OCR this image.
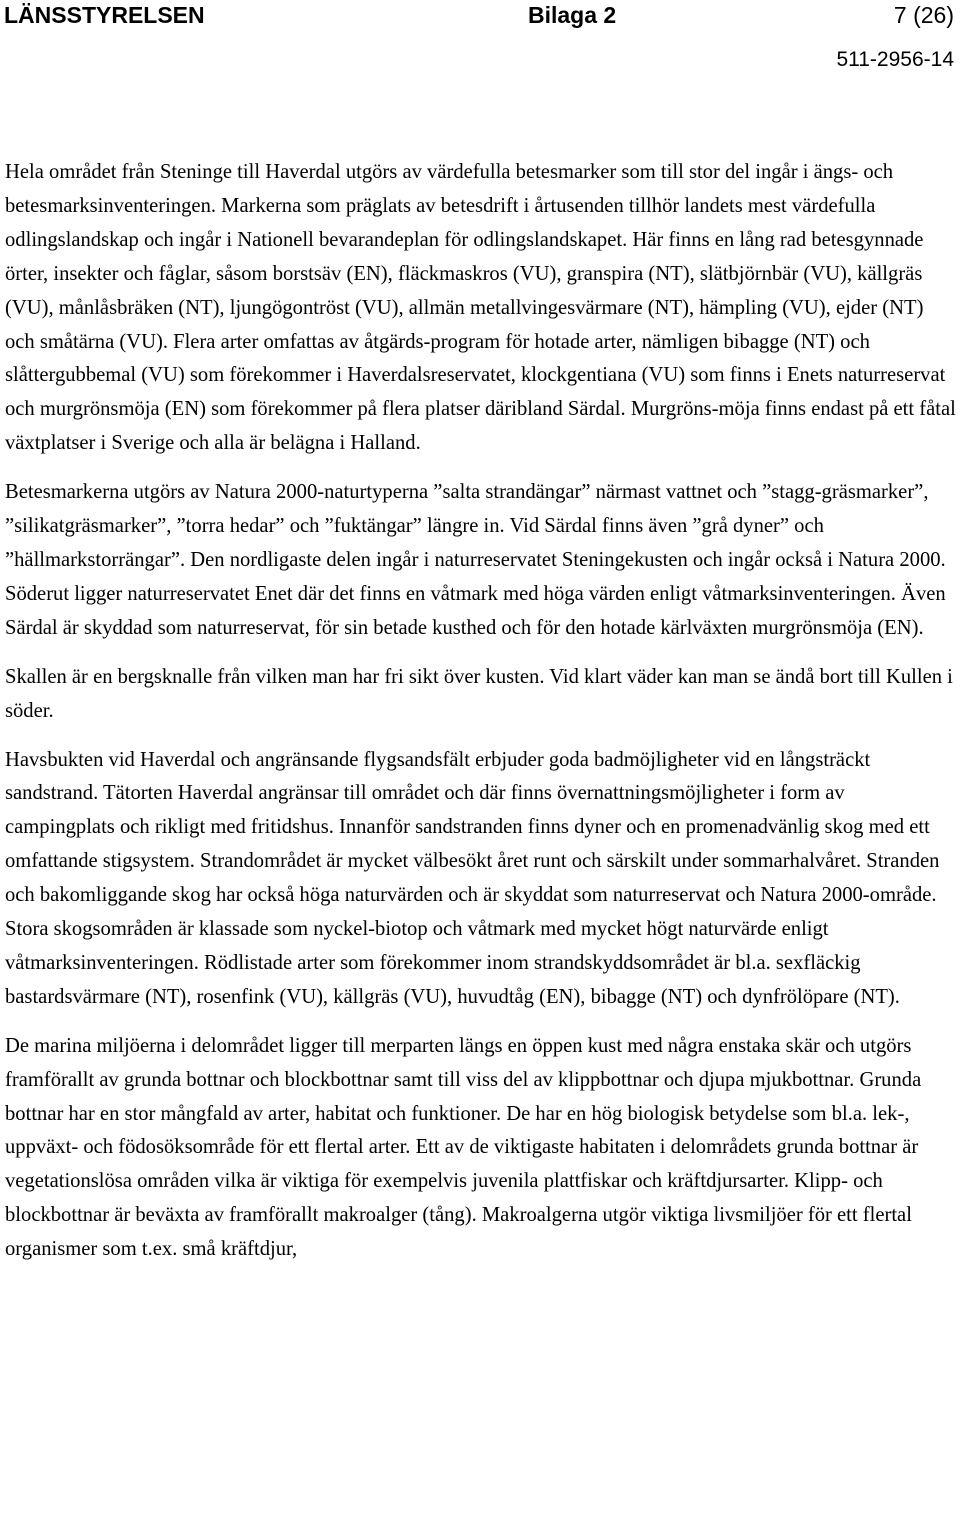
LÄNSSTYRELSEN	Bilaga 2	7 (26)
511-2956-14

Hela området från Steninge till Haverdal utgörs av värdefulla betesmarker som till stor del ingår i ängs- och betesmarksinventeringen. Markerna som präglats av betesdrift i årtusenden tillhör landets mest värdefulla odlingslandskap och ingår i Nationell bevarandeplan för odlingslandskapet. Här finns en lång rad betesgynnade örter, insekter och fåglar, såsom borstsäv (EN), fläckmaskros (VU), granspira (NT), slätbjörnbär (VU), källgräs (VU), månlåsbräken (NT), ljungögontröst (VU), allmän metallvingesvärmare (NT), hämpling (VU), ejder (NT) och småtärna (VU). Flera arter omfattas av åtgärds-program för hotade arter, nämligen bibagge (NT) och slåttergubbemal (VU) som förekommer i Haverdalsreservatet, klockgentiana (VU) som finns i Enets naturreservat och murgrönsmöja (EN) som förekommer på flera platser däribland Särdal. Murgröns-möja finns endast på ett fåtal växtplatser i Sverige och alla är belägna i Halland.

Betesmarkerna utgörs av Natura 2000-naturtyperna ”salta strandängar” närmast vattnet och ”stagg-gräsmarker”, ”silikatgräsmarker”, ”torra hedar” och ”fuktängar” längre in. Vid Särdal finns även ”grå dyner” och ”hällmarkstorrängar”. Den nordligaste delen ingår i naturreservatet Steningekusten och ingår också i Natura 2000. Söderut ligger naturreservatet Enet där det finns en våtmark med höga värden enligt våtmarksinventeringen. Även Särdal är skyddad som naturreservat, för sin betade kusthed och för den hotade kärlväxten murgrönsmöja (EN).

Skallen är en bergsknalle från vilken man har fri sikt över kusten. Vid klart väder kan man se ändå bort till Kullen i söder.

Havsbukten vid Haverdal och angränsande flygsandsfält erbjuder goda badmöjligheter vid en långsträckt sandstrand. Tätorten Haverdal angränsar till området och där finns övernattningsmöjligheter i form av campingplats och rikligt med fritidshus. Innanför sandstranden finns dyner och en promenadvänlig skog med ett omfattande stigsystem. Strandområdet är mycket välbesökt året runt och särskilt under sommarhalvåret. Stranden och bakomliggande skog har också höga naturvärden och är skyddat som naturreservat och Natura 2000-område. Stora skogsområden är klassade som nyckel-biotop och våtmark med mycket högt naturvärde enligt våtmarksinventeringen. Rödlistade arter som förekommer inom strandskyddsområdet är bl.a. sexfläckig bastardsvärmare (NT), rosenfink (VU), källgräs (VU), huvudtåg (EN), bibagge (NT) och dynfrölöpare (NT).

De marina miljöerna i delområdet ligger till merparten längs en öppen kust med några enstaka skär och utgörs framförallt av grunda bottnar och blockbottnar samt till viss del av klippbottnar och djupa mjukbottnar. Grunda bottnar har en stor mångfald av arter, habitat och funktioner. De har en hög biologisk betydelse som bl.a. lek-, uppväxt- och födosöksområde för ett flertal arter. Ett av de viktigaste habitaten i delområdets grunda bottnar är vegetationslösa områden vilka är viktiga för exempelvis juvenila plattfiskar och kräftdjursarter. Klipp- och blockbottnar är beväxta av framförallt makroalger (tång). Makroalgerna utgör viktiga livsmiljöer för ett flertal organismer som t.ex. små kräftdjur,
